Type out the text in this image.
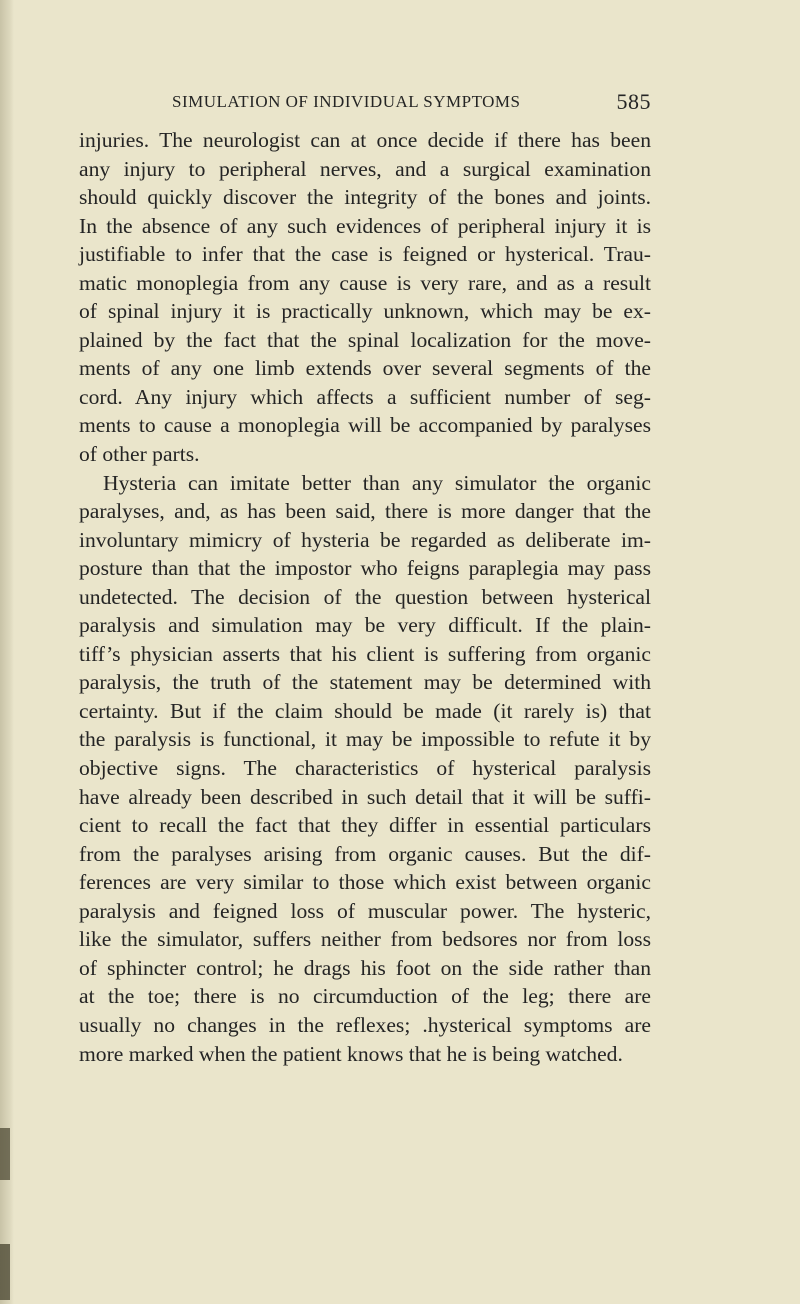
SIMULATION OF INDIVIDUAL SYMPTOMS	585
injuries. The neurologist can at once decide if there has been
any injury to peripheral nerves, and a surgical examination
should quickly discover the integrity of the bones and joints.
In the absence of any such evidences of peripheral injury it is
justifiable to infer that the case is feigned or hysterical. Trau-
matic monoplegia from any cause is very rare, and as a result
of spinal injury it is practically unknown, which may be ex-
plained by the fact that the spinal localization for the move-
ments of any one limb extends over several segments of the
cord. Any injury which affects a sufficient number of seg-
ments to cause a monoplegia will be accompanied by paralyses
of other parts.
Hysteria can imitate better than any simulator the organic
paralyses, and, as has been said, there is more danger that the
involuntary mimicry of hysteria be regarded as deliberate im-
posture than that the impostor who feigns paraplegia may pass
undetected. The decision of the question between hysterical
paralysis and simulation may be very difficult. If the plain-
tiff’s physician asserts that his client is suffering from organic
paralysis, the truth of the statement may be determined with
certainty. But if the claim should be made (it rarely is) that
the paralysis is functional, it may be impossible to refute it by
objective signs. The characteristics of hysterical paralysis
have already been described in such detail that it will be suffi-
cient to recall the fact that they differ in essential particulars
from the paralyses arising from organic causes. But the dif-
ferences are very similar to those which exist between organic
paralysis and feigned loss of muscular power. The hysteric,
like the simulator, suffers neither from bedsores nor from loss
of sphincter control; he drags his foot on the side rather than
at the toe; there is no circumduction of the leg; there are
usually no changes in the reflexes; .hysterical symptoms are
more marked when the patient knows that he is being watched.
